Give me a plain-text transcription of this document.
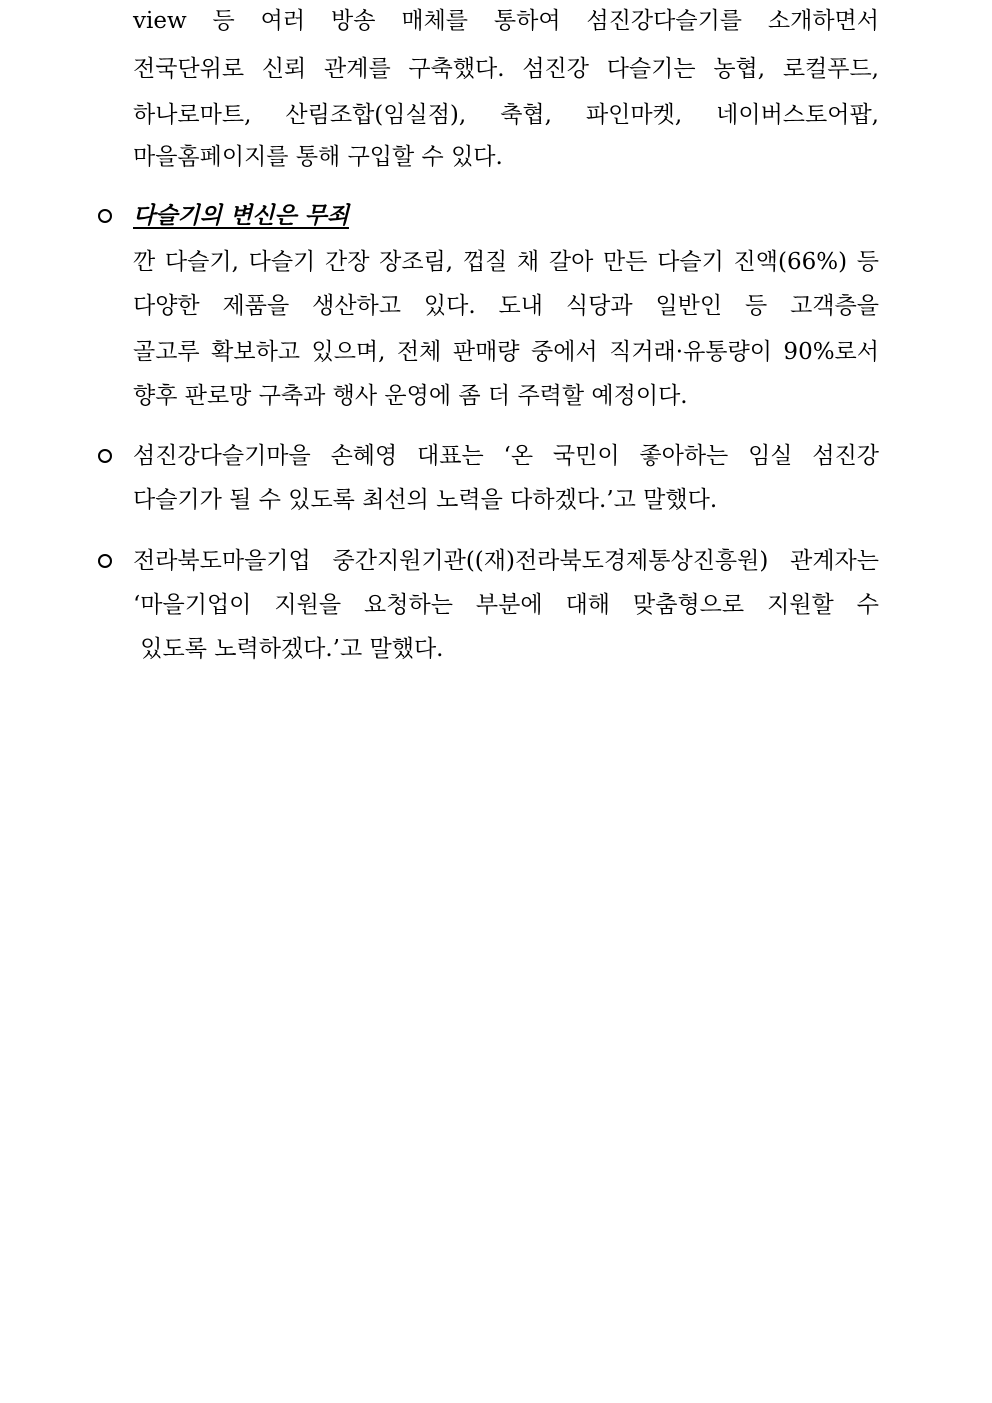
view 등 여러 방송 매체를 통하여 섬진강다슬기를 소개하면서
전국단위로 신뢰 관계를 구축했다. 섬진강 다슬기는 농협, 로컬푸드,
하나로마트, 산림조합(임실점), 축협, 파인마켓, 네이버스토어팝,
마을홈페이지를 통해 구입할 수 있다.
다슬기의 변신은 무죄
깐 다슬기, 다슬기 간장 장조림, 껍질 채 갈아 만든 다슬기 진액(66%) 등
다양한 제품을 생산하고 있다. 도내 식당과 일반인 등 고객층을
골고루 확보하고 있으며, 전체 판매량 중에서 직거래·유통량이 90%로서
향후 판로망 구축과 행사 운영에 좀 더 주력할 예정이다.
섬진강다슬기마을 손혜영 대표는 ‘온 국민이 좋아하는 임실 섬진강
다슬기가 될 수 있도록 최선의 노력을 다하겠다.’고 말했다.
전라북도마을기업 중간지원기관((재)전라북도경제통상진흥원) 관계자는
‘마을기업이 지원을 요청하는 부분에 대해 맞춤형으로 지원할 수
있도록 노력하겠다.’고 말했다.
